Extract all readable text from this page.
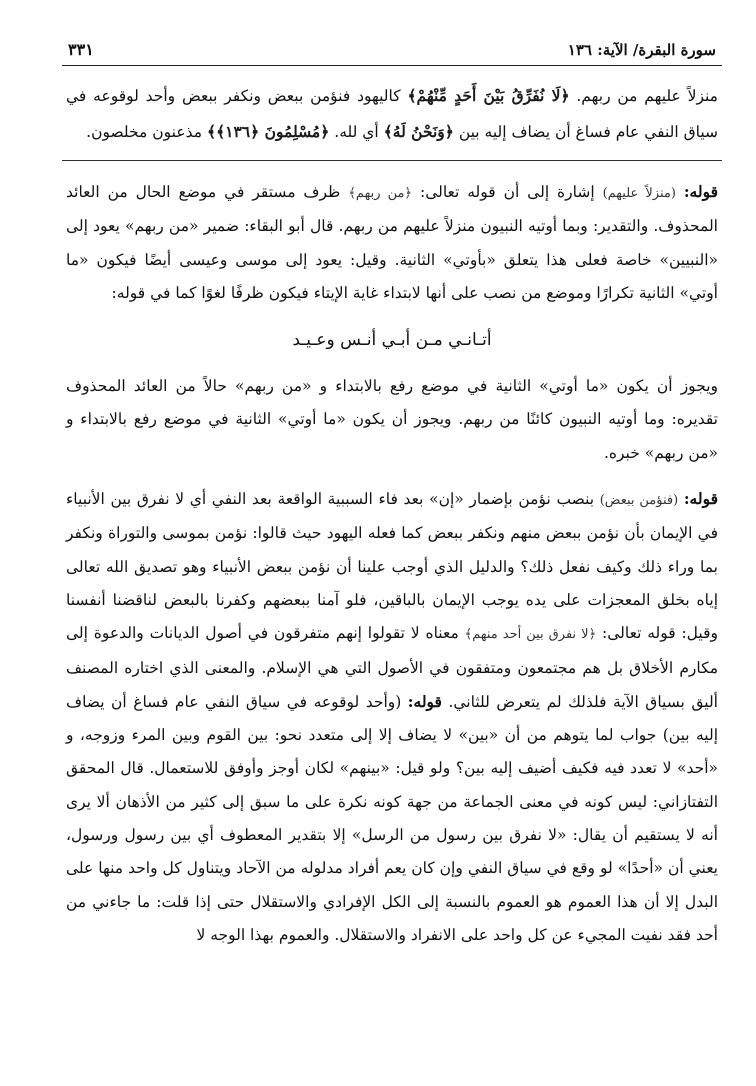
سورة البقرة/ الآية: ١٣٦
٣٣١
منزلاً عليهم من ربهم. ﴿لَا نُفَرِّقُ بَيْنَ أَحَدٍ مِّنْهُمْ﴾ كاليهود فنؤمن ببعض ونكفر ببعض وأحد لوقوعه في سياق النفي عام فساغ أن يضاف إليه بين ﴿وَنَحْنُ لَهُ﴾ أي لله. ﴿مُسْلِمُونَ ﴿١٣٦﴾﴾ مذعنون مخلصون.

قوله: (منزلاً عليهم) إشارة إلى أن قوله تعالى: ﴿من ربهم﴾ ظرف مستقر في موضع الحال من العائد المحذوف. والتقدير: وبما أوتيه النبيون منزلاً عليهم من ربهم. قال أبو البقاء: ضمير «من ربهم» يعود إلى «النبيين» خاصة فعلى هذا يتعلق «بأوتي» الثانية. وقيل: يعود إلى موسى وعيسى أيضًا فيكون «ما أوتي» الثانية تكرارًا وموضع من نصب على أنها لابتداء غاية الإيتاء فيكون ظرفًا لغوًا كما في قوله:

أتـانـي مـن أبـي أنـس وعـيـد

ويجوز أن يكون «ما أوتي» الثانية في موضع رفع بالابتداء و «من ربهم» حالاً من العائد المحذوف تقديره: وما أوتيه النبيون كائنًا من ربهم. ويجوز أن يكون «ما أوتي» الثانية في موضع رفع بالابتداء و «من ربهم» خبره.

قوله: (فنؤمن ببعض) بنصب نؤمن بإضمار «إن» بعد فاء السببية الواقعة بعد النفي أي لا نفرق بين الأنبياء في الإيمان بأن نؤمن ببعض منهم ونكفر ببعض كما فعله اليهود حيث قالوا: نؤمن بموسى والتوراة ونكفر بما وراء ذلك وكيف نفعل ذلك؟ والدليل الذي أوجب علينا أن نؤمن ببعض الأنبياء وهو تصديق الله تعالى إياه بخلق المعجزات على يده يوجب الإيمان بالباقين، فلو آمنا ببعضهم وكفرنا بالبعض لناقضنا أنفسنا وقيل: قوله تعالى: ﴿لا نفرق بين أحد منهم﴾ معناه لا تقولوا إنهم متفرقون في أصول الديانات والدعوة إلى مكارم الأخلاق بل هم مجتمعون ومتفقون في الأصول التي هي الإسلام. والمعنى الذي اختاره المصنف أليق بسياق الآية فلذلك لم يتعرض للثاني. قوله: (وأحد لوقوعه في سياق النفي عام فساغ أن يضاف إليه بين) جواب لما يتوهم من أن «بين» لا يضاف إلا إلى متعدد نحو: بين القوم وبين المرء وزوجه، و «أحد» لا تعدد فيه فكيف أضيف إليه بين؟ ولو قيل: «بينهم» لكان أوجز وأوفق للاستعمال. قال المحقق التفتازاني: ليس كونه في معنى الجماعة من جهة كونه نكرة على ما سبق إلى كثير من الأذهان ألا يرى أنه لا يستقيم أن يقال: «لا نفرق بين رسول من الرسل» إلا بتقدير المعطوف أي بين رسول ورسول، يعني أن «أحدًا» لو وقع في سياق النفي وإن كان يعم أفراد مدلوله من الآحاد ويتناول كل واحد منها على البدل إلا أن هذا العموم هو العموم بالنسبة إلى الكل الإفرادي والاستقلال حتى إذا قلت: ما جاءني من أحد فقد نفيت المجيء عن كل واحد على الانفراد والاستقلال. والعموم بهذا الوجه لا
